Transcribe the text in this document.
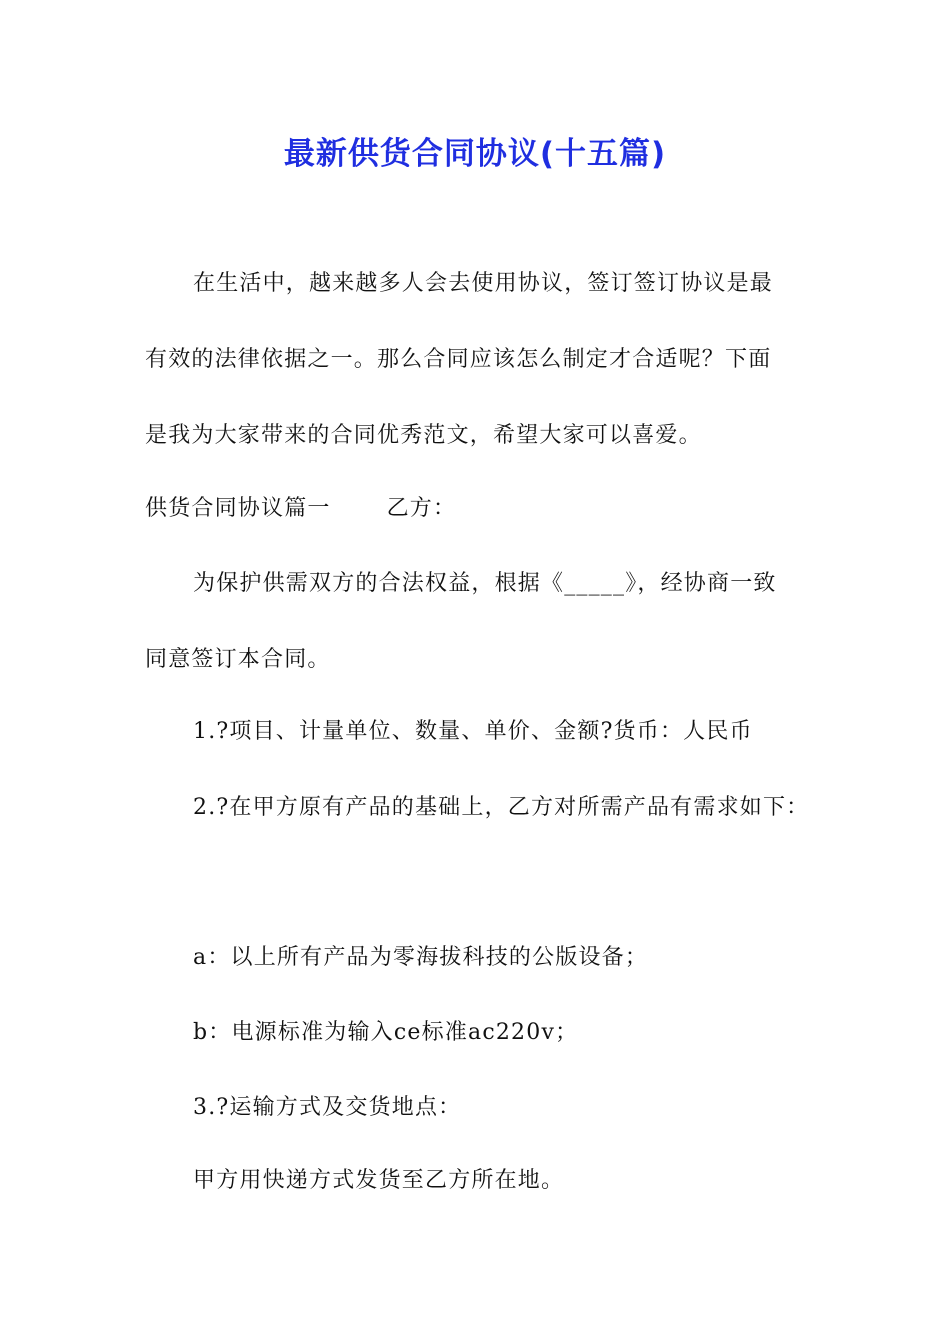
最新供货合同协议(十五篇)
在生活中，越来越多人会去使用协议，签订签订协议是最
有效的法律依据之一。那么合同应该怎么制定才合适呢？下面
是我为大家带来的合同优秀范文，希望大家可以喜爱。
供货合同协议篇一	乙方：
为保护供需双方的合法权益，根据《_____》，经协商一致
同意签订本合同。
1.?项目、计量单位、数量、单价、金额?货币：人民币
2.?在甲方原有产品的基础上，乙方对所需产品有需求如下：
a：以上所有产品为零海拔科技的公版设备；
b：电源标准为输入ce标准ac220v；
3.?运输方式及交货地点：
甲方用快递方式发货至乙方所在地。
